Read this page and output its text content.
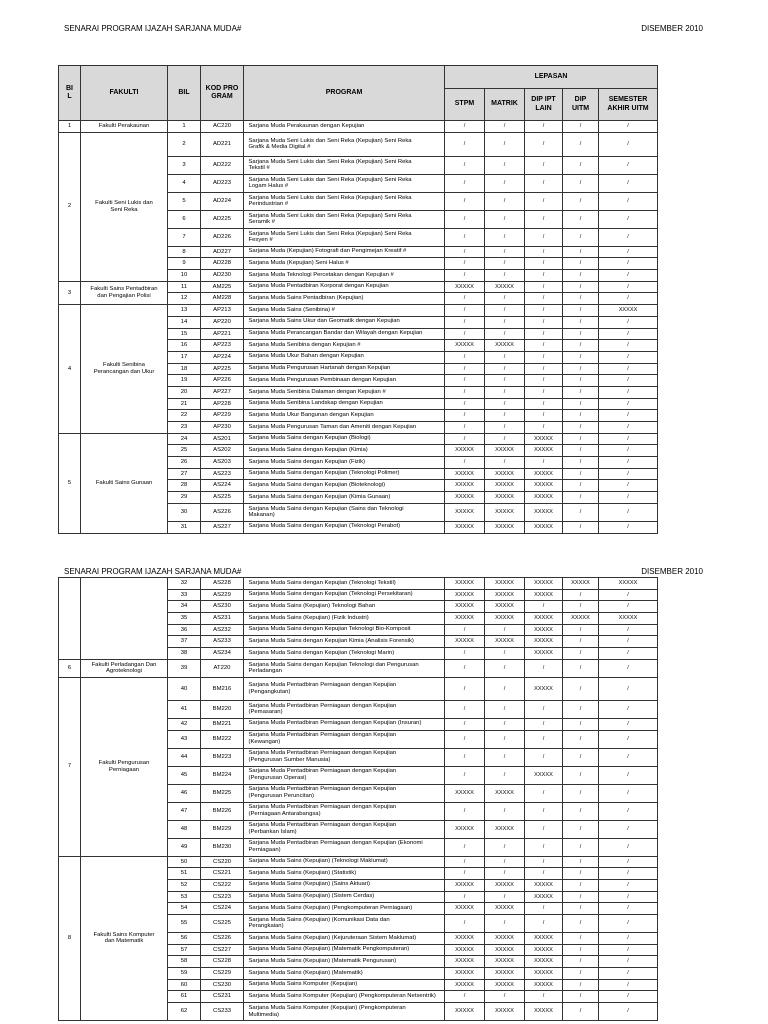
SENARAI PROGRAM IJAZAH SARJANA MUDA#	DISEMBER 2010
BIL	FAKULTI	BIL	KOD PROGRAM	PROGRAM	LEPASAN				
					STPM	MATRIK	DIP IPT LAIN	DIP UITM	SEMESTER AKHIR UITM
1	Fakulti Perakaunan	1	AC220	Sarjana Muda Perakaunan dengan Kepujian	/	/	/	/	/
2	Fakulti Seni Lukis dan Seni Reka	2	AD221	Sarjana Muda Seni Lukis dan Seni Reka (Kepujian) Seni Reka Grafik & Media Digital #	/	/	/	/	/
		3	AD222	Sarjana Muda Seni Lukis dan Seni Reka (Kepujian) Seni Reka Tekstil #	/	/	/	/	/
		4	AD223	Sarjana Muda Seni Lukis dan Seni Reka (Kepujian) Seni Reka Logam Halus #	/	/	/	/	/
		5	AD224	Sarjana Muda Seni Lukis dan Seni Reka (Kepujian) Seni Reka Perindustrian #	/	/	/	/	/
		6	AD225	Sarjana Muda Seni Lukis dan Seni Reka (Kepujian) Seni Reka Seramik #	/	/	/	/	/
		7	AD226	Sarjana Muda Seni Lukis dan Seni Reka (Kepujian) Seni Reka Fesyen #	/	/	/	/	/
		8	AD227	Sarjana Muda (Kepujian) Fotografi dan Pengimejan Kreatif #	/	/	/	/	/
		9	AD228	Sarjana Muda (Kepujian) Seni Halus #	/	/	/	/	/
		10	AD230	Sarjana Muda Teknologi Percetakan dengan Kepujian #	/	/	/	/	/
3	Fakulti Sains Pentadbiran dan Pengajian Polisi	11	AM225	Sarjana Muda Pentadbiran Korporat dengan Kepujian	XXXXX	XXXXX	/	/	/
		12	AM228	Sarjana Muda Sains Pentadbiran (Kepujian)	/	/	/	/	/
4	Fakulti Senibina Perancangan dan Ukur	13	AP213	Sarjana Muda Sains (Senibina) #	/	/	/	/	XXXXX
		14	AP220	Sarjana Muda Sains Ukur dan Geomatik dengan Kepujian	/	/	/	/	/
		15	AP221	Sarjana Muda Perancangan Bandar dan Wilayah dengan Kepujian	/	/	/	/	/
		16	AP223	Sarjana Muda Senibina dengan Kepujian #	XXXXX	XXXXX	/	/	/
		17	AP224	Sarjana Muda Ukur Bahan dengan Kepujian	/	/	/	/	/
		18	AP225	Sarjana Muda Pengurusan Hartanah dengan Kepujian	/	/	/	/	/
		19	AP226	Sarjana Muda Pengurusan Pembinaan dengan Kepujian	/	/	/	/	/
		20	AP227	Sarjana Muda Senibina Dalaman dengan Kepujian #	/	/	/	/	/
		21	AP228	Sarjana Muda Senibina Landskap dengan Kepujian	/	/	/	/	/
		22	AP229	Sarjana Muda Ukur Bangunan dengan Kepujian	/	/	/	/	/
		23	AP230	Sarjana Muda Pengurusan Taman dan Ameniti dengan Kepujian	/	/	/	/	/
5	Fakulti Sains Gunaan	24	AS201	Sarjana Muda Sains dengan Kepujian (Biologi)	/	/	XXXXX	/	/
		25	AS202	Sarjana Muda Sains dengan Kepujian (Kimia)	XXXXX	XXXXX	XXXXX	/	/
		26	AS203	Sarjana Muda Sains dengan Kepujian (Fizik)	/	/	/	/	/
		27	AS223	Sarjana Muda Sains dengan Kepujian (Teknologi Polimer)	XXXXX	XXXXX	XXXXX	/	/
		28	AS224	Sarjana Muda Sains dengan Kepujian (Bioteknologi)	XXXXX	XXXXX	XXXXX	/	/
		29	AS225	Sarjana Muda Sains dengan Kepujian (Kimia Gunaan)	XXXXX	XXXXX	XXXXX	/	/
		30	AS226	Sarjana Muda Sains dengan Kepujian (Sains dan Teknologi Makanan)	XXXXX	XXXXX	XXXXX	/	/
		31	AS227	Sarjana Muda Sains dengan Kepujian (Teknologi Perabot)	XXXXX	XXXXX	XXXXX	/	/
SENARAI PROGRAM IJAZAH SARJANA MUDA#	DISEMBER 2010
		32	AS228	Sarjana Muda Sains dengan Kepujian (Teknologi Tekstil)	XXXXX	XXXXX	XXXXX	XXXXX	XXXXX
		33	AS229	Sarjana Muda Sains dengan Kepujian (Teknologi Persekitaran)	XXXXX	XXXXX	XXXXX	/	/
		34	AS230	Sarjana Muda Sains (Kepujian) Teknologi Bahan	XXXXX	XXXXX	/	/	/
		35	AS231	Sarjana Muda Sains (Kepujian) (Fizik Industri)	XXXXX	XXXXX	XXXXX	XXXXX	XXXXX
		36	AS232	Sarjana Muda Sains dengan Kepujian Teknologi Bio-Komposit	/	/	XXXXX	/	/
		37	AS233	Sarjana Muda Sains dengan Kepujian Kimia (Analisis Forensik)	XXXXX	XXXXX	XXXXX	/	/
		38	AS234	Sarjana Muda Sains dengan Kepujian (Teknologi Marin)	/	/	XXXXX	/	/
6	Fakulti Perladangan Dan Agroteknologi	39	AT220	Sarjana Muda Sains dengan Kepujian Teknologi dan Pengurusan Perladangan	/	/	/	/	/
7	Fakulti Pengurusan Perniagaan	40	BM216	Sarjana Muda Pentadbiran Perniagaan dengan Kepujian (Pengangkutan)	/	/	XXXXX	/	/
		41	BM220	Sarjana Muda Pentadbiran Perniagaan dengan Kepujian (Pemasaran)	/	/	/	/	/
		42	BM221	Sarjana Muda Pentadbiran Perniagaan dengan Kepujian (Insuran)	/	/	/	/	/
		43	BM222	Sarjana Muda Pentadbiran Perniagaan dengan Kepujian (Kewangan)	/	/	/	/	/
		44	BM223	Sarjana Muda Pentadbiran Perniagaan dengan Kepujian (Pengurusan Sumber Manusia)	/	/	/	/	/
		45	BM224	Sarjana Muda Pentadbiran Perniagaan dengan Kepujian (Pengurusan Operasi)	/	/	XXXXX	/	/
		46	BM225	Sarjana Muda Pentadbiran Perniagaan dengan Kepujian (Pengurusan Peruncitan)	XXXXX	XXXXX	/	/	/
		47	BM226	Sarjana Muda Pentadbiran Perniagaan dengan Kepujian (Perniagaan Antarabangsa)	/	/	/	/	/
		48	BM229	Sarjana Muda Pentadbiran Perniagaan dengan Kepujian (Perbankan Islam)	XXXXX	XXXXX	/	/	/
		49	BM230	Sarjana Muda Pentadbiran Perniagaan dengan Kepujian (Ekonomi Perniagaan)	/	/	/	/	/
8	Fakulti Sains Komputer dan Matematik	50	CS220	Sarjana Muda Sains (Kepujian) (Teknologi Maklumat)	/	/	/	/	/
		51	CS221	Sarjana Muda Sains (Kepujian) (Statistik)	/	/	/	/	/
		52	CS222	Sarjana Muda Sains (Kepujian) (Sains Aktuari)	XXXXX	XXXXX	XXXXX	/	/
		53	CS223	Sarjana Muda Sains (Kepujian) (Sistem Cerdas)	/	/	XXXXX	/	/
		54	CS224	Sarjana Muda Sains (Kepujian) (Pengkomputeran Perniagaan)	XXXXX	XXXXX	/	/	/
		55	CS225	Sarjana Muda Sains (Kepujian) (Komunikasi Data dan Perangkaian)	/	/	/	/	/
		56	CS226	Sarjana Muda Sains (Kepujian) (Kejuruteraan Sistem Maklumat)	XXXXX	XXXXX	XXXXX	/	/
		57	CS227	Sarjana Muda Sains (Kepujian) (Matematik Pengkomputeran)	XXXXX	XXXXX	XXXXX	/	/
		58	CS228	Sarjana Muda Sains (Kepujian) (Matematik Pengurusan)	XXXXX	XXXXX	XXXXX	/	/
		59	CS229	Sarjana Muda Sains (Kepujian) (Matematik)	XXXXX	XXXXX	XXXXX	/	/
		60	CS230	Sarjana Muda Sains Komputer (Kepujian)	XXXXX	XXXXX	XXXXX	/	/
		61	CS231	Sarjana Muda Sains Komputer (Kepujian) (Pengkomputeran Netsentrik)	/	/	/	/	/
		62	CS233	Sarjana Muda Sains Komputer (Kepujian) (Pengkomputeran Multimedia)	XXXXX	XXXXX	XXXXX	/	/
